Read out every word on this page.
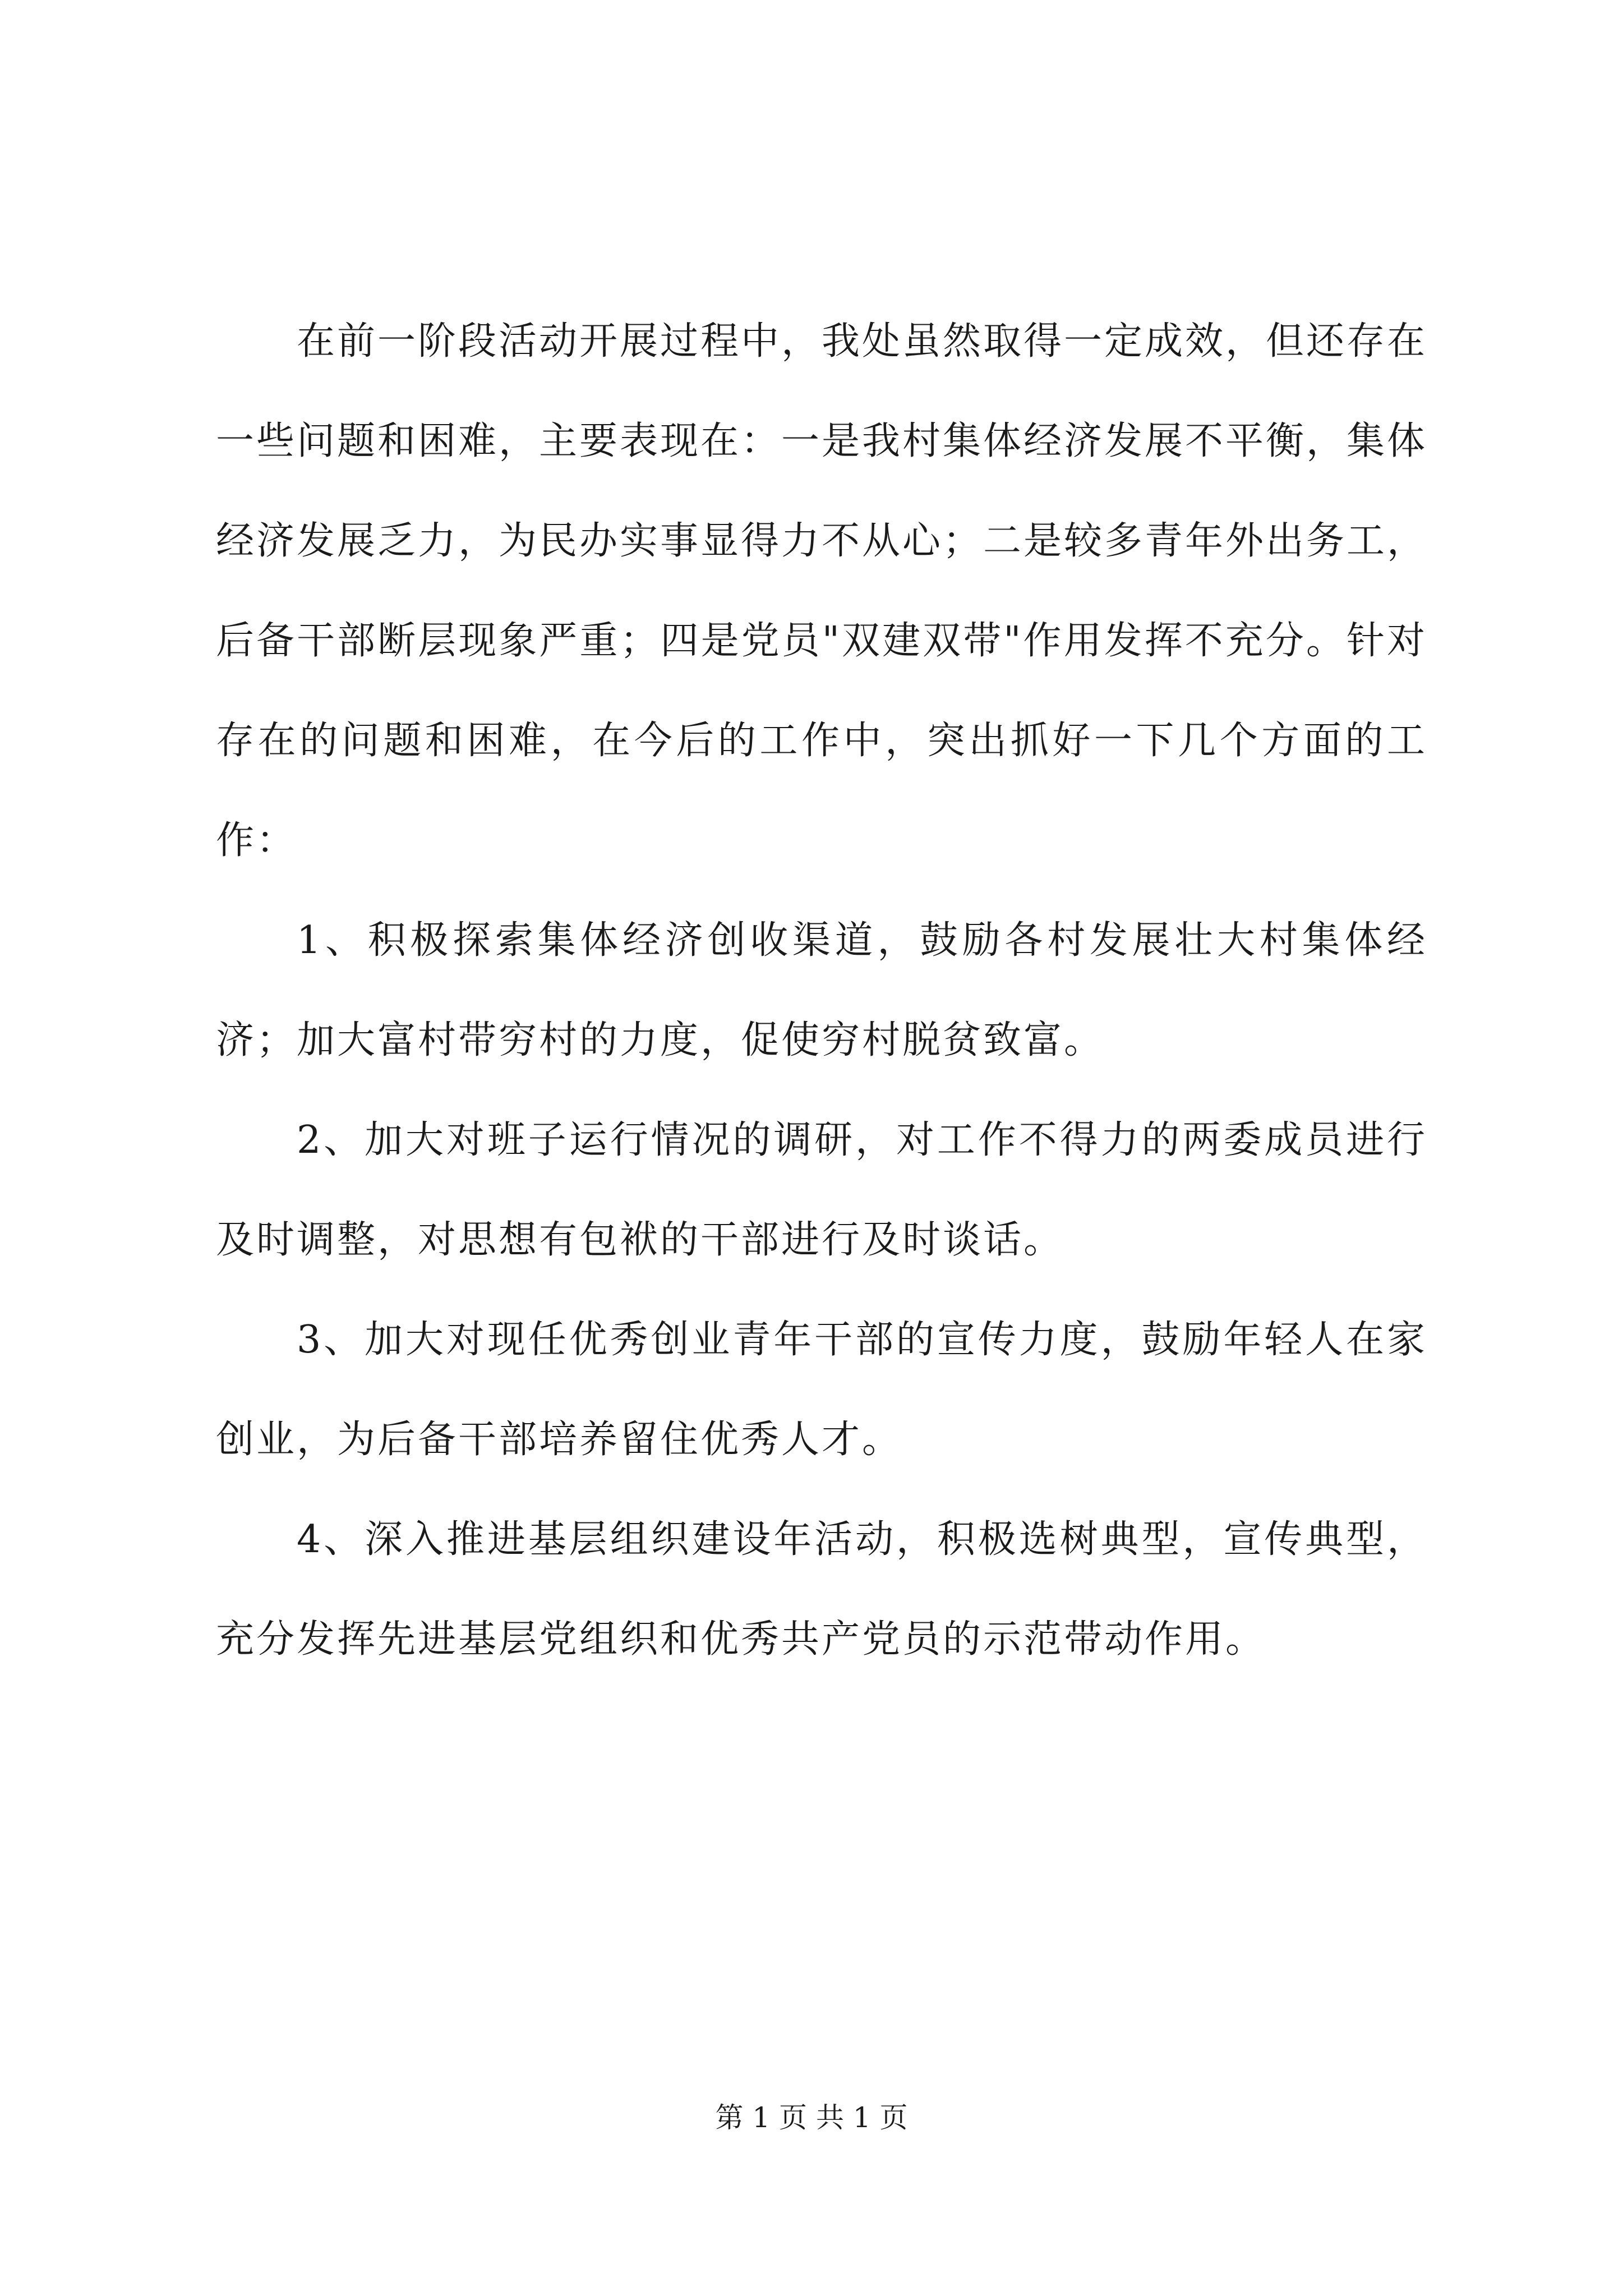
在前一阶段活动开展过程中，我处虽然取得一定成效，但还存在一些问题和困难，主要表现在：一是我村集体经济发展不平衡，集体经济发展乏力，为民办实事显得力不从心；二是较多青年外出务工，后备干部断层现象严重；四是党员"双建双带"作用发挥不充分。针对存在的问题和困难，在今后的工作中，突出抓好一下几个方面的工作：

1、积极探索集体经济创收渠道，鼓励各村发展壮大村集体经济；加大富村带穷村的力度，促使穷村脱贫致富。

2、加大对班子运行情况的调研，对工作不得力的两委成员进行及时调整，对思想有包袱的干部进行及时谈话。

3、加大对现任优秀创业青年干部的宣传力度，鼓励年轻人在家创业，为后备干部培养留住优秀人才。

4、深入推进基层组织建设年活动，积极选树典型，宣传典型，充分发挥先进基层党组织和优秀共产党员的示范带动作用。

第 1 页 共 1 页
